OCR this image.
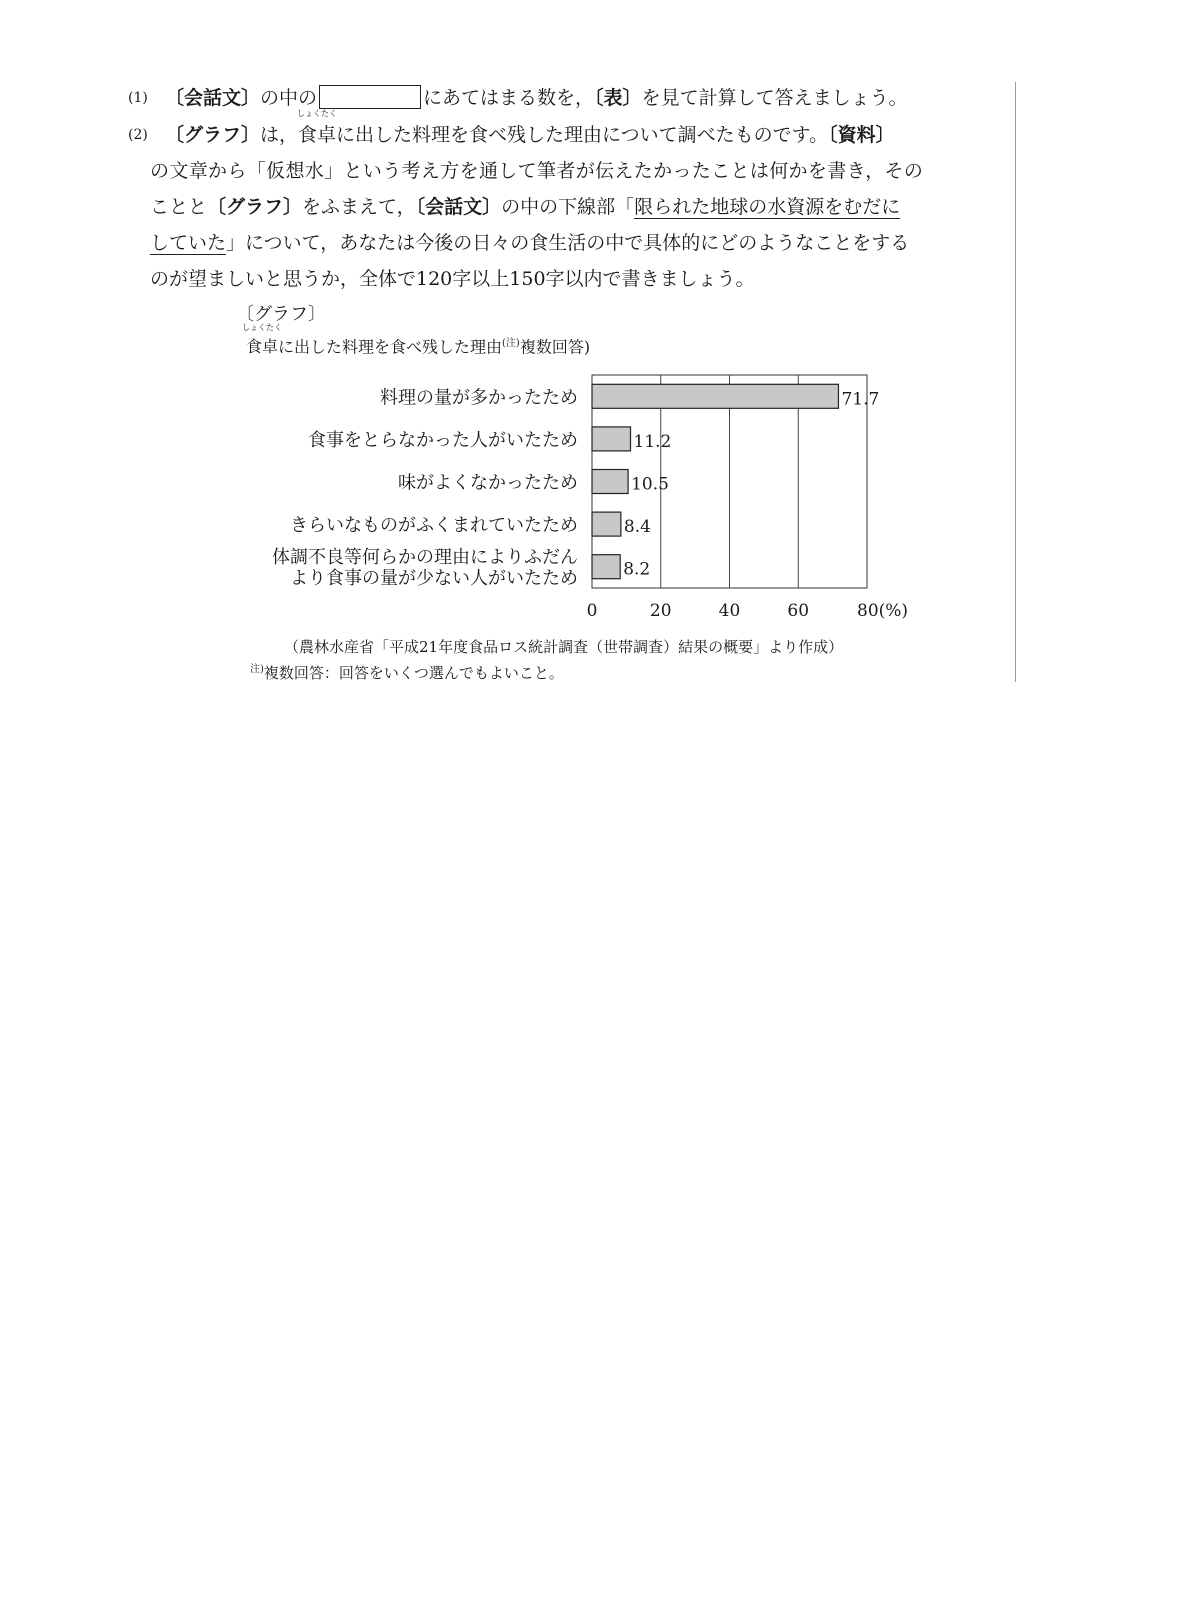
(1) 〔会話文〕の中の	にあてはまる数を，〔表〕を見て計算して答えましょう。
(2) 〔グラフ〕は，
しょくたく
食卓に出した料理を食べ残した理由について調べたものです。〔資料〕
の文章から「仮想水」という考え方を通して筆者が伝えたかったことは何かを書き，その
ことと〔グラフ〕をふまえて，〔会話文〕の中の下線部「限られた地球の水資源をむだに
していた」について，あなたは今後の日々の食生活の中で具体的にどのようなことをする
のが望ましいと思うか，全体で120字以上150字以内で書きましょう。
〔グラフ〕
しょくたく
食卓に出した料理を食べ残した理由$^{(注)}$複数回答)
0	20	40	60	80(%)
71.7
料理の量が多かったため
11.2
食事をとらなかった人がいたため
10.5
味がよくなかったため
8.4
きらいなものがふくまれていたため
8.2
体調不良等何らかの理由によりふだん
より食事の量が少ない人がいたため
（農林水産省「平成21年度食品ロス統計調査（世帯調査）結果の概要」より作成）
$^{注)}$複数回答：回答をいくつ選んでもよいこと。
